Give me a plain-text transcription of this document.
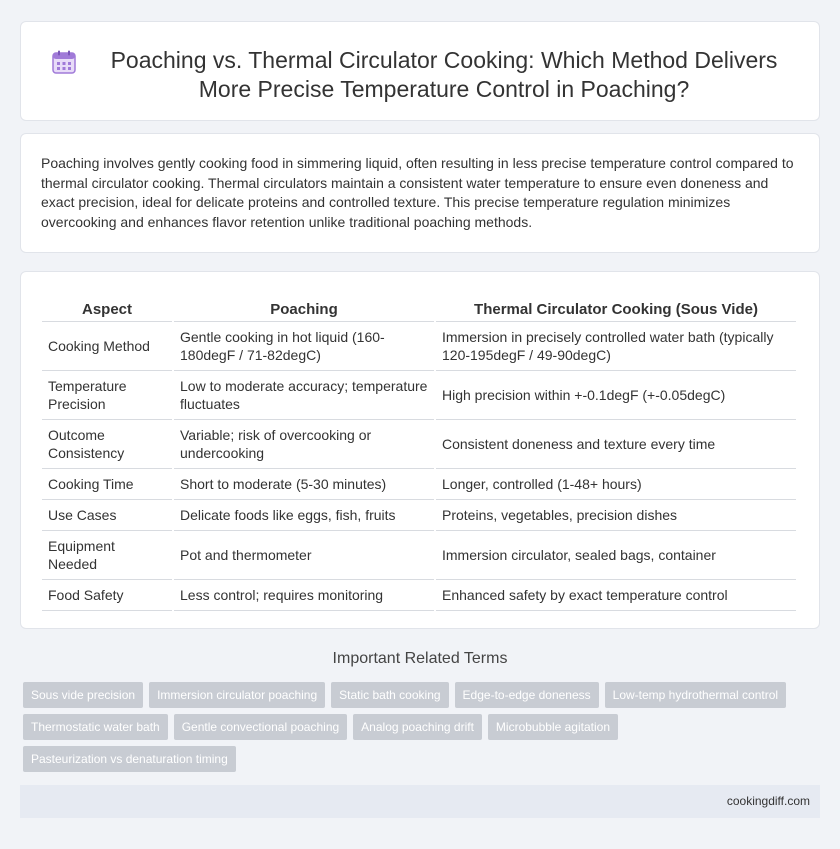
Poaching vs. Thermal Circulator Cooking: Which Method Delivers More Precise Temperature Control in Poaching?

Poaching involves gently cooking food in simmering liquid, often resulting in less precise temperature control compared to thermal circulator cooking. Thermal circulators maintain a consistent water temperature to ensure even doneness and exact precision, ideal for delicate proteins and controlled texture. This precise temperature regulation minimizes overcooking and enhances flavor retention unlike traditional poaching methods.

Aspect	Poaching	Thermal Circulator Cooking (Sous Vide)
Cooking Method	Gentle cooking in hot liquid (160-180degF / 71-82degC)	Immersion in precisely controlled water bath (typically 120-195degF / 49-90degC)
Temperature Precision	Low to moderate accuracy; temperature fluctuates	High precision within +-0.1degF (+-0.05degC)
Outcome Consistency	Variable; risk of overcooking or undercooking	Consistent doneness and texture every time
Cooking Time	Short to moderate (5-30 minutes)	Longer, controlled (1-48+ hours)
Use Cases	Delicate foods like eggs, fish, fruits	Proteins, vegetables, precision dishes
Equipment Needed	Pot and thermometer	Immersion circulator, sealed bags, container
Food Safety	Less control; requires monitoring	Enhanced safety by exact temperature control
Important Related Terms
Sous vide precision	Immersion circulator poaching	Static bath cooking	Edge-to-edge doneness	Low-temp hydrothermal control
Thermostatic water bath	Gentle convectional poaching	Analog poaching drift	Microbubble agitation
Pasteurization vs denaturation timing
cookingdiff.com
